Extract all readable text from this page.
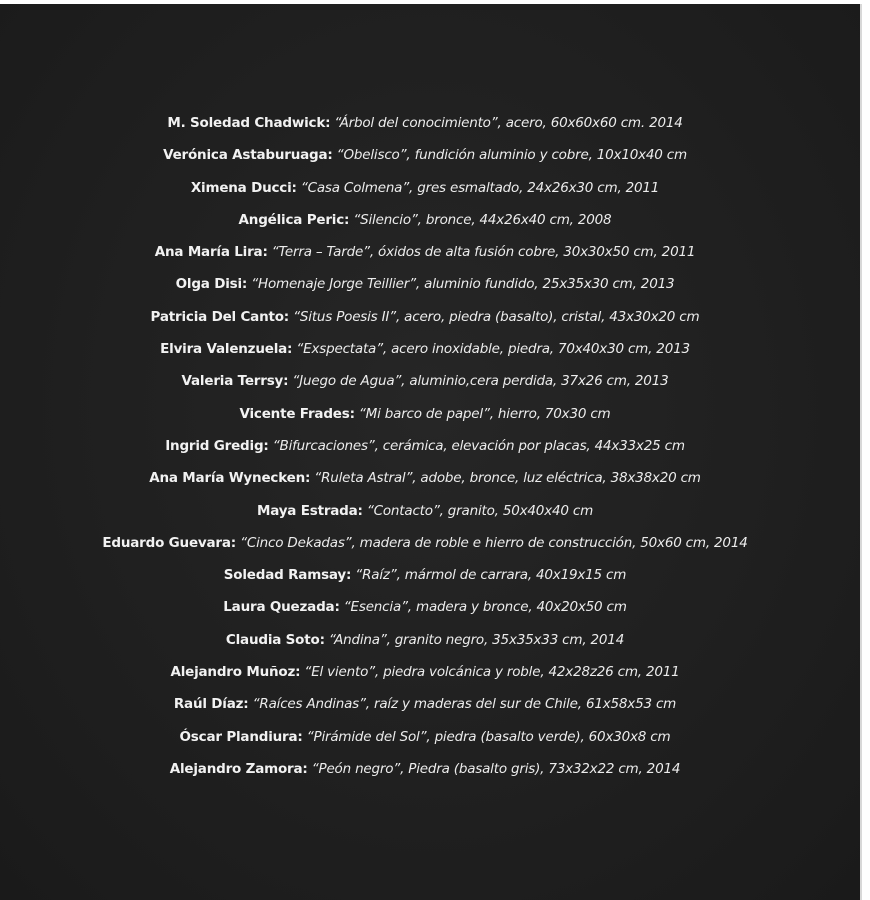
M. Soledad Chadwick: “Árbol del conocimiento”, acero, 60x60x60 cm. 2014
Verónica Astaburuaga: “Obelisco”, fundición aluminio y cobre, 10x10x40 cm
Ximena Ducci: “Casa Colmena”, gres esmaltado, 24x26x30 cm, 2011
Angélica Peric: “Silencio”, bronce, 44x26x40 cm, 2008
Ana María Lira: “Terra – Tarde”, óxidos de alta fusión cobre, 30x30x50 cm, 2011
Olga Disi: “Homenaje Jorge Teillier”, aluminio fundido, 25x35x30 cm, 2013
Patricia Del Canto: “Situs Poesis II”, acero, piedra (basalto), cristal, 43x30x20 cm
Elvira Valenzuela: “Exspectata”, acero inoxidable, piedra, 70x40x30 cm, 2013
Valeria Terrsy: “Juego de Agua”, aluminio,cera perdida, 37x26 cm, 2013
Vicente Frades: “Mi barco de papel”, hierro, 70x30 cm
Ingrid Gredig: “Bifurcaciones”, cerámica, elevación por placas, 44x33x25 cm
Ana María Wynecken: “Ruleta Astral”, adobe, bronce, luz eléctrica, 38x38x20 cm
Maya Estrada: “Contacto”, granito, 50x40x40 cm
Eduardo Guevara: “Cinco Dekadas”, madera de roble e hierro de construcción, 50x60 cm, 2014
Soledad Ramsay: “Raíz”, mármol de carrara, 40x19x15 cm
Laura Quezada: “Esencia”, madera y bronce, 40x20x50 cm
Claudia Soto: “Andina”, granito negro, 35x35x33 cm, 2014
Alejandro Muñoz: “El viento”, piedra volcánica y roble, 42x28z26 cm, 2011
Raúl Díaz: “Raíces Andinas”, raíz y maderas del sur de Chile, 61x58x53 cm
Óscar Plandiura: “Pirámide del Sol”, piedra (basalto verde), 60x30x8 cm
Alejandro Zamora: “Peón negro”, Piedra (basalto gris), 73x32x22 cm, 2014
